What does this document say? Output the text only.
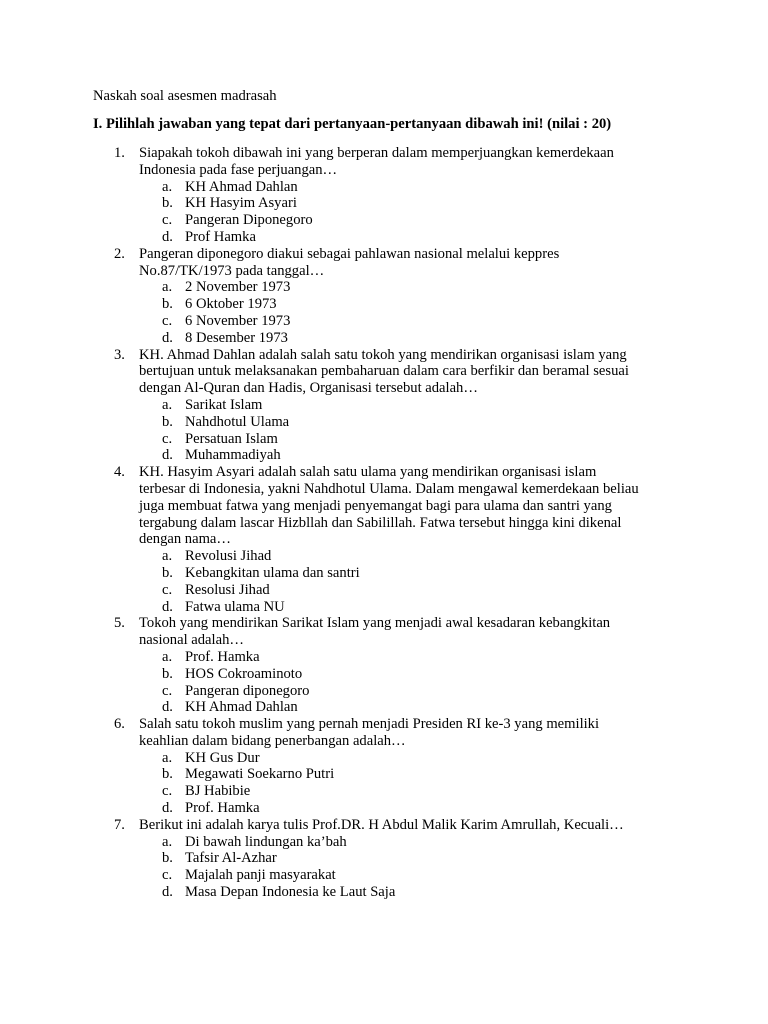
Naskah soal asesmen madrasah

I. Pilihlah jawaban yang tepat dari pertanyaan-pertanyaan dibawah ini! (nilai : 20)

1. Siapakah tokoh dibawah ini yang berperan dalam memperjuangkan kemerdekaan
Indonesia pada fase perjuangan…
a. KH Ahmad Dahlan
b. KH Hasyim Asyari
c. Pangeran Diponegoro
d. Prof Hamka
2. Pangeran diponegoro diakui sebagai pahlawan nasional melalui keppres
No.87/TK/1973 pada tanggal…
a. 2 November 1973
b. 6 Oktober 1973
c. 6 November 1973
d. 8 Desember 1973
3. KH. Ahmad Dahlan adalah salah satu tokoh yang mendirikan organisasi islam yang
bertujuan untuk melaksanakan pembaharuan dalam cara berfikir dan beramal sesuai
dengan Al-Quran dan Hadis, Organisasi tersebut adalah…
a. Sarikat Islam
b. Nahdhotul Ulama
c. Persatuan Islam
d. Muhammadiyah
4. KH. Hasyim Asyari adalah salah satu ulama yang mendirikan organisasi islam
terbesar di Indonesia, yakni Nahdhotul Ulama. Dalam mengawal kemerdekaan beliau
juga membuat fatwa yang menjadi penyemangat bagi para ulama dan santri yang
tergabung dalam lascar Hizbllah dan Sabilillah. Fatwa tersebut hingga kini dikenal
dengan nama…
a. Revolusi Jihad
b. Kebangkitan ulama dan santri
c. Resolusi Jihad
d. Fatwa ulama NU
5. Tokoh yang mendirikan Sarikat Islam yang menjadi awal kesadaran kebangkitan
nasional adalah…
a. Prof. Hamka
b. HOS Cokroaminoto
c. Pangeran diponegoro
d. KH Ahmad Dahlan
6. Salah satu tokoh muslim yang pernah menjadi Presiden RI ke-3 yang memiliki
keahlian dalam bidang penerbangan adalah…
a. KH Gus Dur
b. Megawati Soekarno Putri
c. BJ Habibie
d. Prof. Hamka
7. Berikut ini adalah karya tulis Prof.DR. H Abdul Malik Karim Amrullah, Kecuali…
a. Di bawah lindungan ka’bah
b. Tafsir Al-Azhar
c. Majalah panji masyarakat
d. Masa Depan Indonesia ke Laut Saja
